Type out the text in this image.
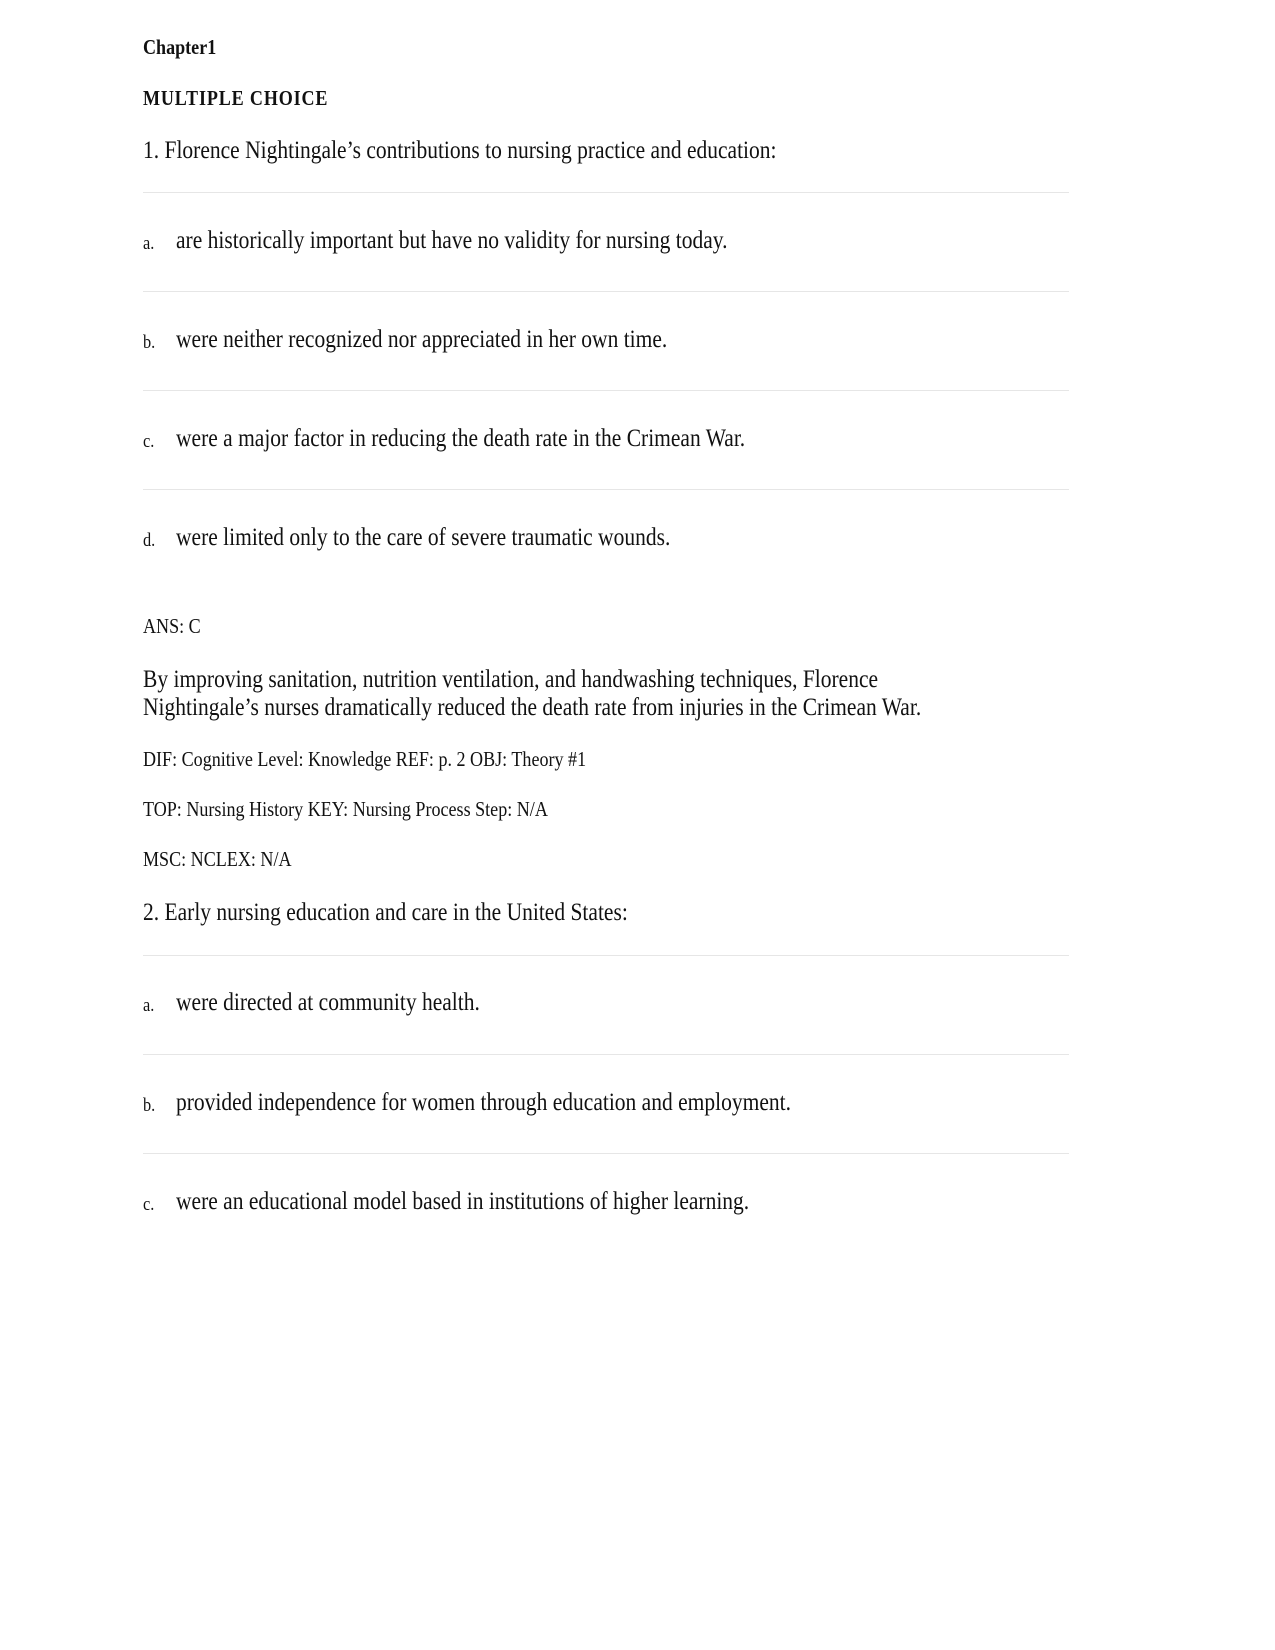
Chapter1
MULTIPLE CHOICE
1. Florence Nightingale’s contributions to nursing practice and education:
a. are historically important but have no validity for nursing today.
b. were neither recognized nor appreciated in her own time.
c. were a major factor in reducing the death rate in the Crimean War.
d. were limited only to the care of severe traumatic wounds.
ANS: C
By improving sanitation, nutrition ventilation, and handwashing techniques, Florence
Nightingale’s nurses dramatically reduced the death rate from injuries in the Crimean War.
DIF: Cognitive Level: Knowledge REF: p. 2 OBJ: Theory #1
TOP: Nursing History KEY: Nursing Process Step: N/A
MSC: NCLEX: N/A
2. Early nursing education and care in the United States:
a. were directed at community health.
b. provided independence for women through education and employment.
c. were an educational model based in institutions of higher learning.
